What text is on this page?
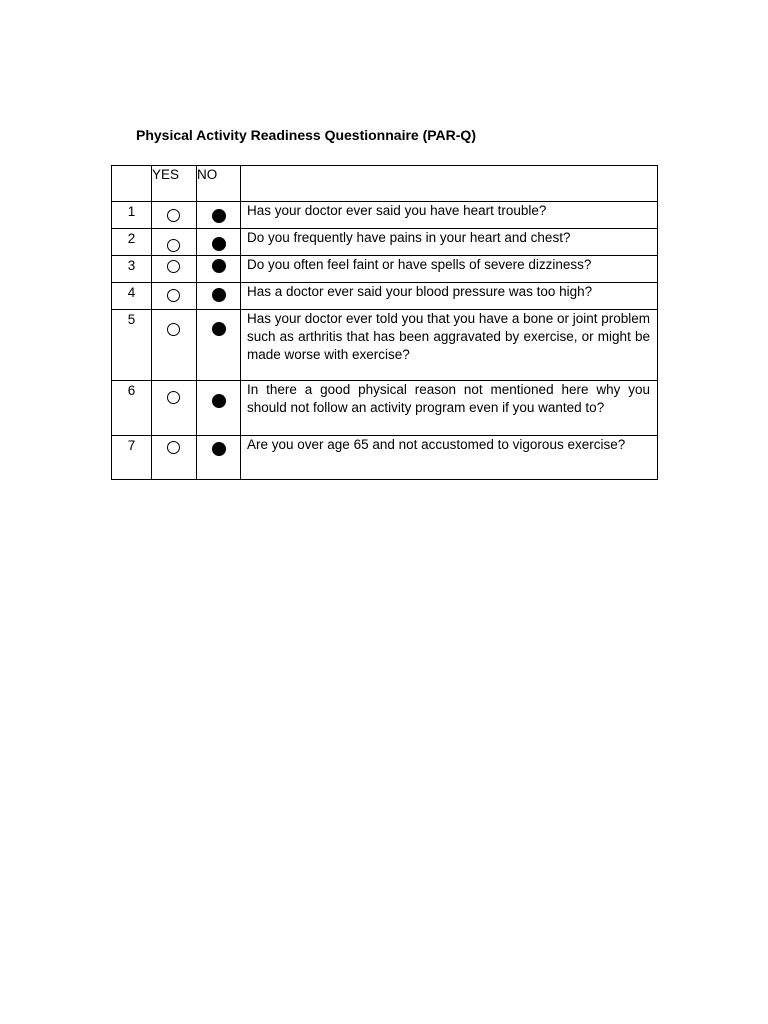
Physical Activity Readiness Questionnaire (PAR-Q)
	YES	NO	
1			Has your doctor ever said you have heart trouble?
2			Do you frequently have pains in your heart and chest?
3			Do you often feel faint or have spells of severe dizziness?
4			Has a doctor ever said your blood pressure was too high?
5			Has your doctor ever told you that you have a bone or joint problem such as arthritis that has been aggravated by exercise, or might be made worse with exercise?
6			In there a good physical reason not mentioned here why you should not follow an activity program even if you wanted to?
7			Are you over age 65 and not accustomed to vigorous exercise?
